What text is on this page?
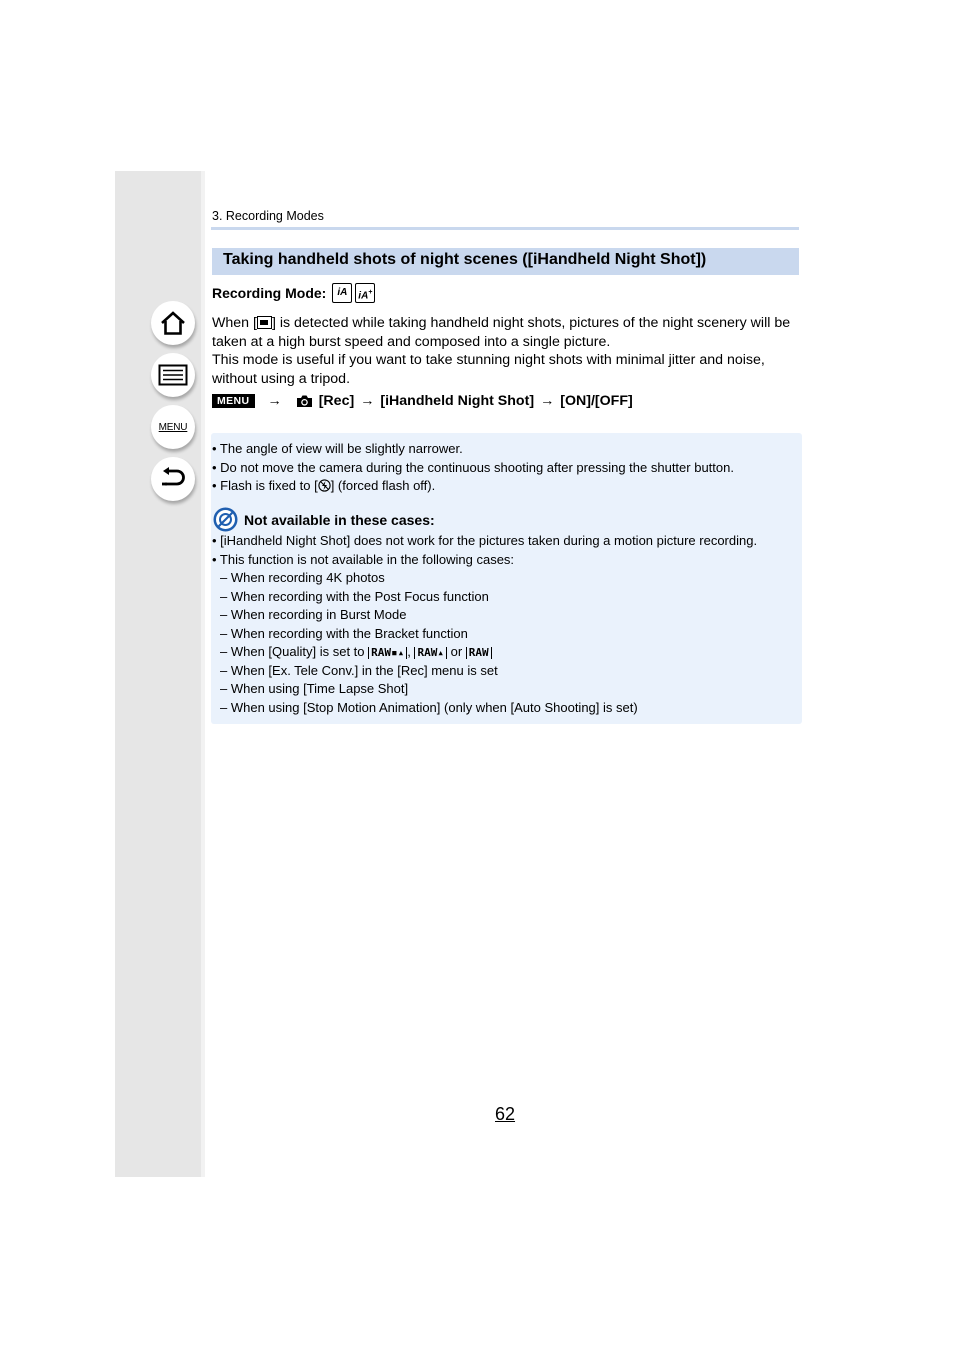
MENU
3. Recording Modes
Taking handheld shots of night scenes ([iHandheld Night Shot])
Recording Mode:	iA	iA+

When [ ] is detected while taking handheld night shots, pictures of the night scenery will be taken at a high burst speed and composed into a single picture.

This mode is useful if you want to take stunning night shots with minimal jitter and noise, without using a tripod.

MENU	→	[Rec] → [iHandheld Night Shot] → [ON]/[OFF]
• The angle of view will be slightly narrower.
• Do not move the camera during the continuous shooting after pressing the shutter button.
• Flash is fixed to [ ] (forced flash off).
Not available in these cases:
• [iHandheld Night Shot] does not work for the pictures taken during a motion picture recording.
• This function is not available in the following cases:
– When recording 4K photos
– When recording with the Post Focus function
– When recording in Burst Mode
– When recording with the Bracket function
– When [Quality] is set to RAW▪▴ , RAW▴ or RAW
– When [Ex. Tele Conv.] in the [Rec] menu is set
– When using [Time Lapse Shot]
– When using [Stop Motion Animation] (only when [Auto Shooting] is set)
62
